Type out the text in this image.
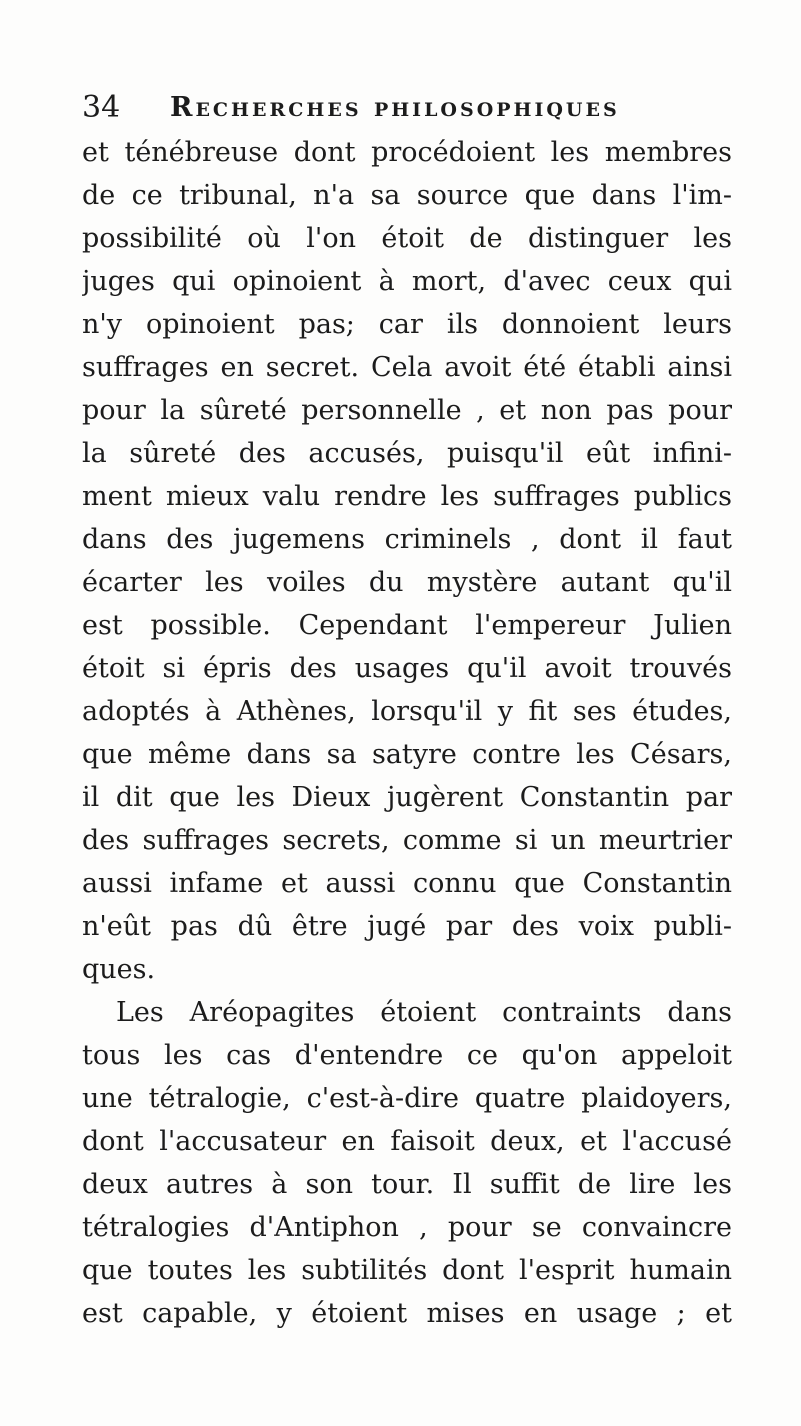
34 Recherches philosophiques
et ténébreuse dont procédoient les membres
de ce tribunal, n'a sa source que dans l'im-
possibilité où l'on étoit de distinguer les
juges qui opinoient à mort, d'avec ceux qui
n'y opinoient pas; car ils donnoient leurs
suffrages en secret. Cela avoit été établi ainsi
pour la sûreté personnelle , et non pas pour
la sûreté des accusés, puisqu'il eût infini-
ment mieux valu rendre les suffrages publics
dans des jugemens criminels , dont il faut
écarter les voiles du mystère autant qu'il
est possible. Cependant l'empereur Julien
étoit si épris des usages qu'il avoit trouvés
adoptés à Athènes, lorsqu'il y fit ses études,
que même dans sa satyre contre les Césars,
il dit que les Dieux jugèrent Constantin par
des suffrages secrets, comme si un meurtrier
aussi infame et aussi connu que Constantin
n'eût pas dû être jugé par des voix publi-
ques.
Les Aréopagites étoient contraints dans
tous les cas d'entendre ce qu'on appeloit
une tétralogie, c'est-à-dire quatre plaidoyers,
dont l'accusateur en faisoit deux, et l'accusé
deux autres à son tour. Il suffit de lire les
tétralogies d'Antiphon , pour se convaincre
que toutes les subtilités dont l'esprit humain
est capable, y étoient mises en usage ; et
